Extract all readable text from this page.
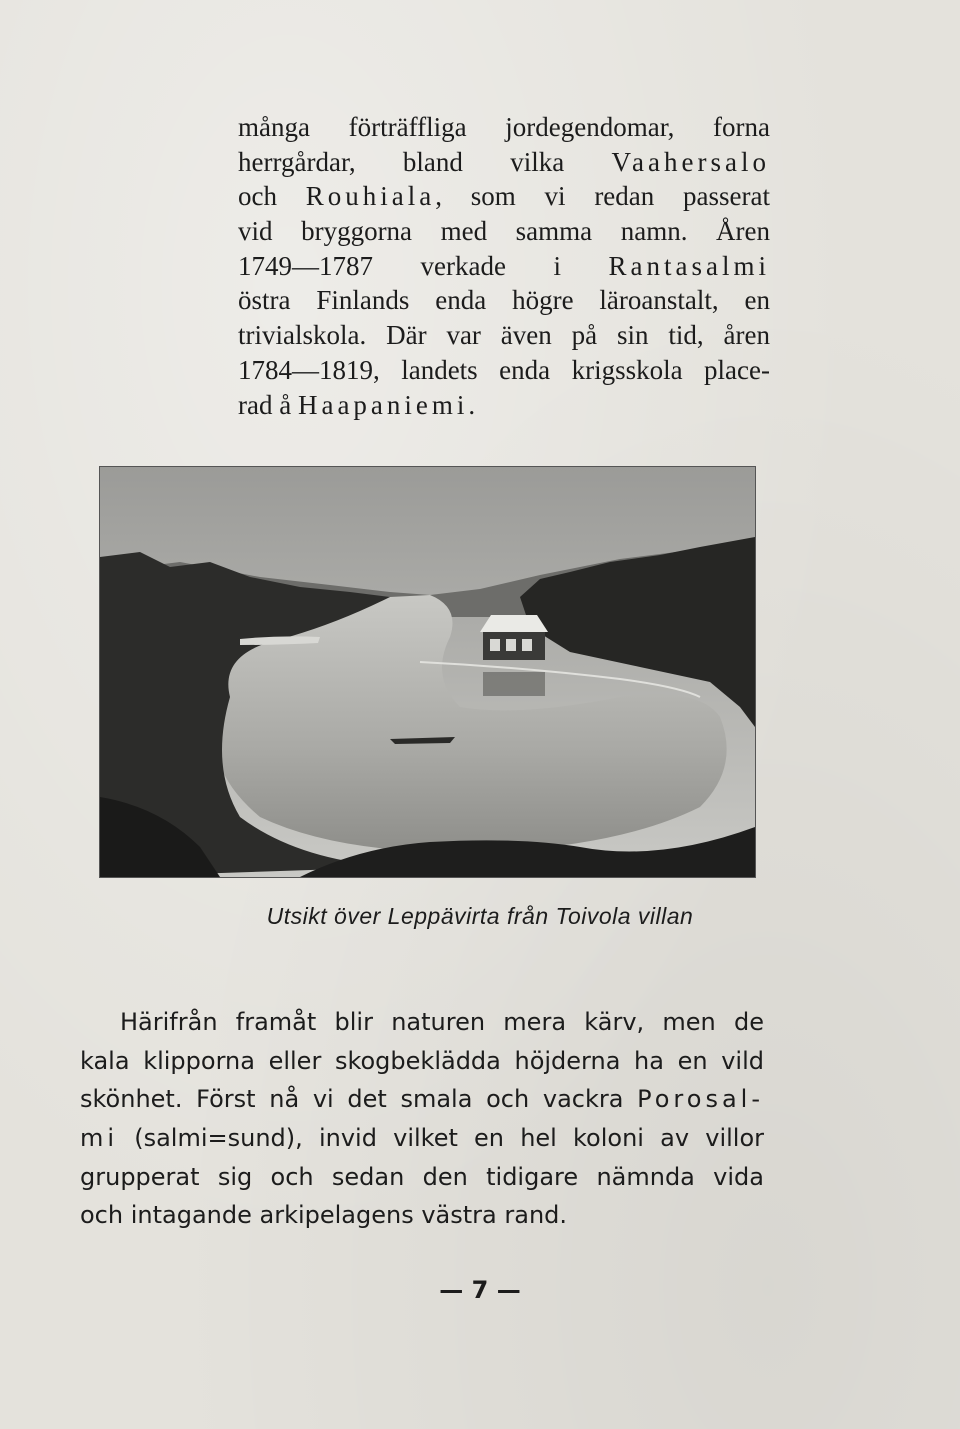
många förträffliga jordegendomar, forna
herrgårdar, bland vilka Vaahersalo
och Rouhiala, som vi redan passerat
vid bryggorna med samma namn. Åren
1749—1787 verkade i Rantasalmi
östra Finlands enda högre läroanstalt, en
trivialskola. Där var även på sin tid, åren
1784—1819, landets enda krigsskola place-
rad å Haapaniemi.
Utsikt över Leppävirta från Toivola villan
Härifrån framåt blir naturen mera kärv, men de
kala klipporna eller skogbeklädda höjderna ha en vild
skönhet. Först nå vi det smala och vackra Porosal-
mi (salmi=sund), invid vilket en hel koloni av villor
grupperat sig och sedan den tidigare nämnda vida
och intagande arkipelagens västra rand.
— 7 —
